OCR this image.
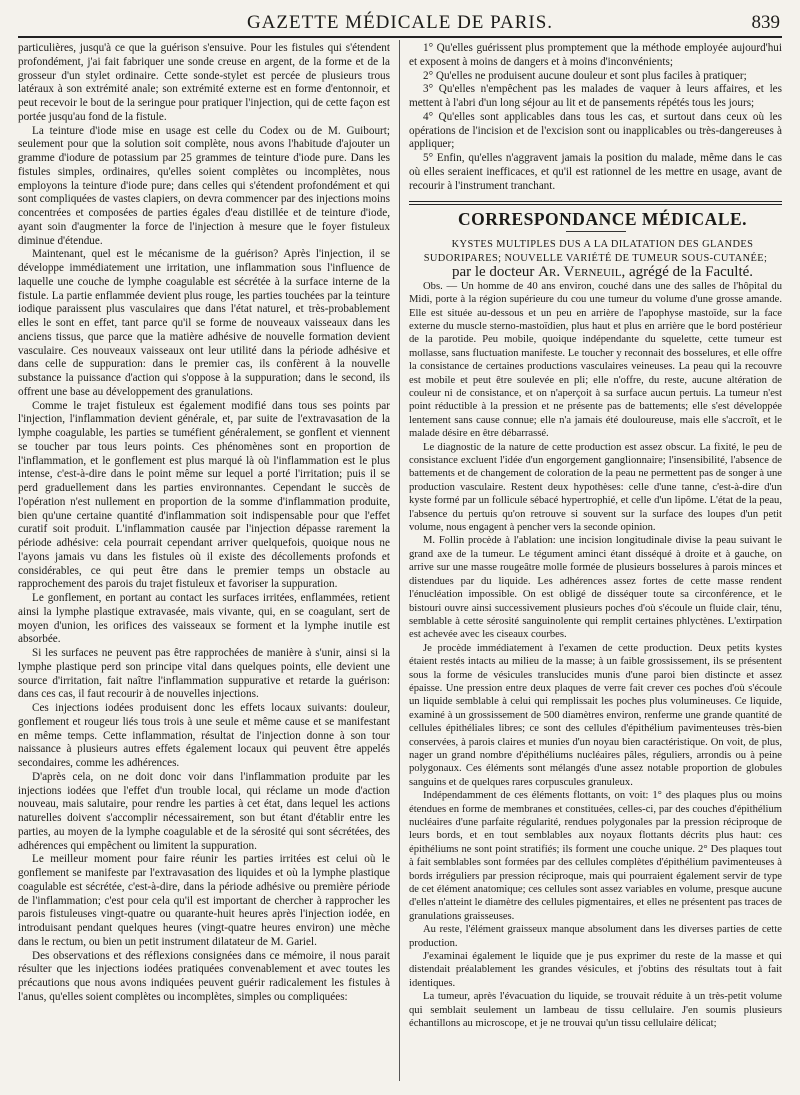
GAZETTE MÉDICALE DE PARIS.	839

particulières, jusqu'à ce que la guérison s'ensuive. Pour les fistules qui s'étendent profondément, j'ai fait fabriquer une sonde creuse en argent, de la forme et de la grosseur d'un stylet ordinaire. Cette sonde-stylet est percée de plusieurs trous latéraux à son extrémité anale; son extrémité externe est en forme d'entonnoir, et peut recevoir le bout de la seringue pour pratiquer l'injection, qui de cette façon est portée jusqu'au fond de la fistule.

La teinture d'iode mise en usage est celle du Codex ou de M. Guibourt; seulement pour que la solution soit complète, nous avons l'habitude d'ajouter un gramme d'iodure de potassium par 25 grammes de teinture d'iode pure. Dans les fistules simples, ordinaires, qu'elles soient complètes ou incomplètes, nous employons la teinture d'iode pure; dans celles qui s'étendent profondément et qui sont compliquées de vastes clapiers, on devra commencer par des injections moins concentrées et composées de parties égales d'eau distillée et de teinture d'iode, ayant soin d'augmenter la force de l'injection à mesure que le foyer fistuleux diminue d'étendue.

Maintenant, quel est le mécanisme de la guérison? Après l'injection, il se développe immédiatement une irritation, une inflammation sous l'influence de laquelle une couche de lymphe coagulable est sécrétée à la surface interne de la fistule. La partie enflammée devient plus rouge, les parties touchées par la teinture iodique paraissent plus vasculaires que dans l'état naturel, et très-probablement elles le sont en effet, tant parce qu'il se forme de nouveaux vaisseaux dans les anciens tissus, que parce que la matière adhésive de nouvelle formation devient vasculaire. Ces nouveaux vaisseaux ont leur utilité dans la période adhésive et dans celle de suppuration: dans le premier cas, ils confèrent à la nouvelle substance la puissance d'action qui s'oppose à la suppuration; dans le second, ils offrent une base au développement des granulations.

Comme le trajet fistuleux est également modifié dans tous ses points par l'injection, l'inflammation devient générale, et, par suite de l'extravasation de la lymphe coagulable, les parties se tuméfient généralement, se gonflent et viennent se toucher par tous leurs points. Ces phénomènes sont en proportion de l'inflammation, et le gonflement est plus marqué là où l'inflammation est le plus intense, c'est-à-dire dans le point même sur lequel a porté l'irritation; puis il se perd graduellement dans les parties environnantes. Cependant le succès de l'opération n'est nullement en proportion de la somme d'inflammation produite, bien qu'une certaine quantité d'inflammation soit indispensable pour que l'effet curatif soit produit. L'inflammation causée par l'injection dépasse rarement la période adhésive: cela pourrait cependant arriver quelquefois, quoique nous ne l'ayons jamais vu dans les fistules où il existe des décollements profonds et considérables, ce qui peut être dans le premier temps un obstacle au rapprochement des parois du trajet fistuleux et favoriser la suppuration.

Le gonflement, en portant au contact les surfaces irritées, enflammées, retient ainsi la lymphe plastique extravasée, mais vivante, qui, en se coagulant, sert de moyen d'union, les orifices des vaisseaux se forment et la lymphe inutile est absorbée.

Si les surfaces ne peuvent pas être rapprochées de manière à s'unir, ainsi si la lymphe plastique perd son principe vital dans quelques points, elle devient une source d'irritation, fait naître l'inflammation suppurative et retarde la guérison: dans ces cas, il faut recourir à de nouvelles injections.

Ces injections iodées produisent donc les effets locaux suivants: douleur, gonflement et rougeur liés tous trois à une seule et même cause et se manifestant en même temps. Cette inflammation, résultat de l'injection donne à son tour naissance à plusieurs autres effets également locaux qui peuvent être appelés secondaires, comme les adhérences.

D'après cela, on ne doit donc voir dans l'inflammation produite par les injections iodées que l'effet d'un trouble local, qui réclame un mode d'action nouveau, mais salutaire, pour rendre les parties à cet état, dans lequel les actions naturelles doivent s'accomplir nécessairement, son but étant d'établir entre les parties, au moyen de la lymphe coagulable et de la sérosité qui sont sécrétées, des adhérences qui empêchent ou limitent la suppuration.

Le meilleur moment pour faire réunir les parties irritées est celui où le gonflement se manifeste par l'extravasation des liquides et où la lymphe plastique coagulable est sécrétée, c'est-à-dire, dans la période adhésive ou première période de l'inflammation; c'est pour cela qu'il est important de chercher à rapprocher les parois fistuleuses vingt-quatre ou quarante-huit heures après l'injection iodée, en introduisant pendant quelques heures (vingt-quatre heures environ) une mèche dans le rectum, ou bien un petit instrument dilatateur de M. Gariel.

Des observations et des réflexions consignées dans ce mémoire, il nous parait résulter que les injections iodées pratiquées convenablement et avec toutes les précautions que nous avons indiquées peuvent guérir radicalement les fistules à l'anus, qu'elles soient complètes ou incomplètes, simples ou compliquées:

1° Qu'elles guérissent plus promptement que la méthode employée aujourd'hui et exposent à moins de dangers et à moins d'inconvénients;
2° Qu'elles ne produisent aucune douleur et sont plus faciles à pratiquer;
3° Qu'elles n'empêchent pas les malades de vaquer à leurs affaires, et les mettent à l'abri d'un long séjour au lit et de pansements répétés tous les jours;
4° Qu'elles sont applicables dans tous les cas, et surtout dans ceux où les opérations de l'incision et de l'excision sont ou inapplicables ou très-dangereuses à appliquer;
5° Enfin, qu'elles n'aggravent jamais la position du malade, même dans le cas où elles seraient inefficaces, et qu'il est rationnel de les mettre en usage, avant de recourir à l'instrument tranchant.

CORRESPONDANCE MÉDICALE.

KYSTES MULTIPLES DUS A LA DILATATION DES GLANDES SUDORIPARES; NOUVELLE VARIÉTÉ DE TUMEUR SOUS-CUTANÉE;

par le docteur Ar. Verneuil, agrégé de la Faculté.

Obs. — Un homme de 40 ans environ, couché dans une des salles de l'hôpital du Midi, porte à la région supérieure du cou une tumeur du volume d'une grosse amande. Elle est située au-dessous et un peu en arrière de l'apophyse mastoïde, sur la face externe du muscle sterno-mastoïdien, plus haut et plus en arrière que le bord postérieur de la parotide. Peu mobile, quoique indépendante du squelette, cette tumeur est mollasse, sans fluctuation manifeste. Le toucher y reconnait des bosselures, et elle offre la consistance de certaines productions vasculaires veineuses. La peau qui la recouvre est mobile et peut être soulevée en pli; elle n'offre, du reste, aucune altération de couleur ni de consistance, et on n'aperçoit à sa surface aucun pertuis. La tumeur n'est point réductible à la pression et ne présente pas de battements; elle s'est développée lentement sans cause connue; elle n'a jamais été douloureuse, mais elle s'accroît, et le malade désire en être débarrassé.

Le diagnostic de la nature de cette production est assez obscur. La fixité, le peu de consistance excluent l'idée d'un engorgement ganglionnaire; l'insensibilité, l'absence de battements et de changement de coloration de la peau ne permettent pas de songer à une production vasculaire. Restent deux hypothèses: celle d'une tanne, c'est-à-dire d'un kyste formé par un follicule sébacé hypertrophié, et celle d'un lipôme. L'état de la peau, l'absence du pertuis qu'on retrouve si souvent sur la surface des loupes d'un petit volume, nous engagent à pencher vers la seconde opinion.

M. Follin procède à l'ablation: une incision longitudinale divise la peau suivant le grand axe de la tumeur. Le tégument aminci étant disséqué à droite et à gauche, on arrive sur une masse rougeâtre molle formée de plusieurs bosselures à parois minces et distendues par du liquide. Les adhérences assez fortes de cette masse rendent l'énucléation impossible. On est obligé de disséquer toute sa circonférence, et le bistouri ouvre ainsi successivement plusieurs poches d'où s'écoule un fluide clair, ténu, semblable à cette sérosité sanguinolente qui remplit certaines phlyctènes. L'extirpation est achevée avec les ciseaux courbes.

Je procède immédiatement à l'examen de cette production. Deux petits kystes étaient restés intacts au milieu de la masse; à un faible grossissement, ils se présentent sous la forme de vésicules translucides munis d'une paroi bien distincte et assez épaisse. Une pression entre deux plaques de verre fait crever ces poches d'où s'écoule un liquide semblable à celui qui remplissait les poches plus volumineuses. Ce liquide, examiné à un grossissement de 500 diamètres environ, renferme une grande quantité de cellules épithéliales libres; ce sont des cellules d'épithélium pavimenteuses très-bien conservées, à parois claires et munies d'un noyau bien caractéristique. On voit, de plus, nager un grand nombre d'épithéliums nucléaires pâles, réguliers, arrondis ou à peine polygonaux. Ces éléments sont mélangés d'une assez notable proportion de globules sanguins et de quelques rares corpuscules granuleux.

Indépendamment de ces éléments flottants, on voit: 1° des plaques plus ou moins étendues en forme de membranes et constituées, celles-ci, par des couches d'épithélium nucléaires d'une parfaite régularité, rendues polygonales par la pression réciproque de leurs bords, et en tout semblables aux noyaux flottants décrits plus haut: ces épithéliums ne sont point stratifiés; ils forment une couche unique. 2° Des plaques tout à fait semblables sont formées par des cellules complètes d'épithélium pavimenteuses à bords irréguliers par pression réciproque, mais qui pourraient également servir de type de cet élément anatomique; ces cellules sont assez variables en volume, presque aucune d'elles n'atteint le diamètre des cellules pigmentaires, et elles ne présentent pas traces de granulations graisseuses.

Au reste, l'élément graisseux manque absolument dans les diverses parties de cette production.

J'examinai également le liquide que je pus exprimer du reste de la masse et qui distendait préalablement les grandes vésicules, et j'obtins des résultats tout à fait identiques.

La tumeur, après l'évacuation du liquide, se trouvait réduite à un très-petit volume qui semblait seulement un lambeau de tissu cellulaire. J'en soumis plusieurs échantillons au microscope, et je ne trouvai qu'un tissu cellulaire délicat;
